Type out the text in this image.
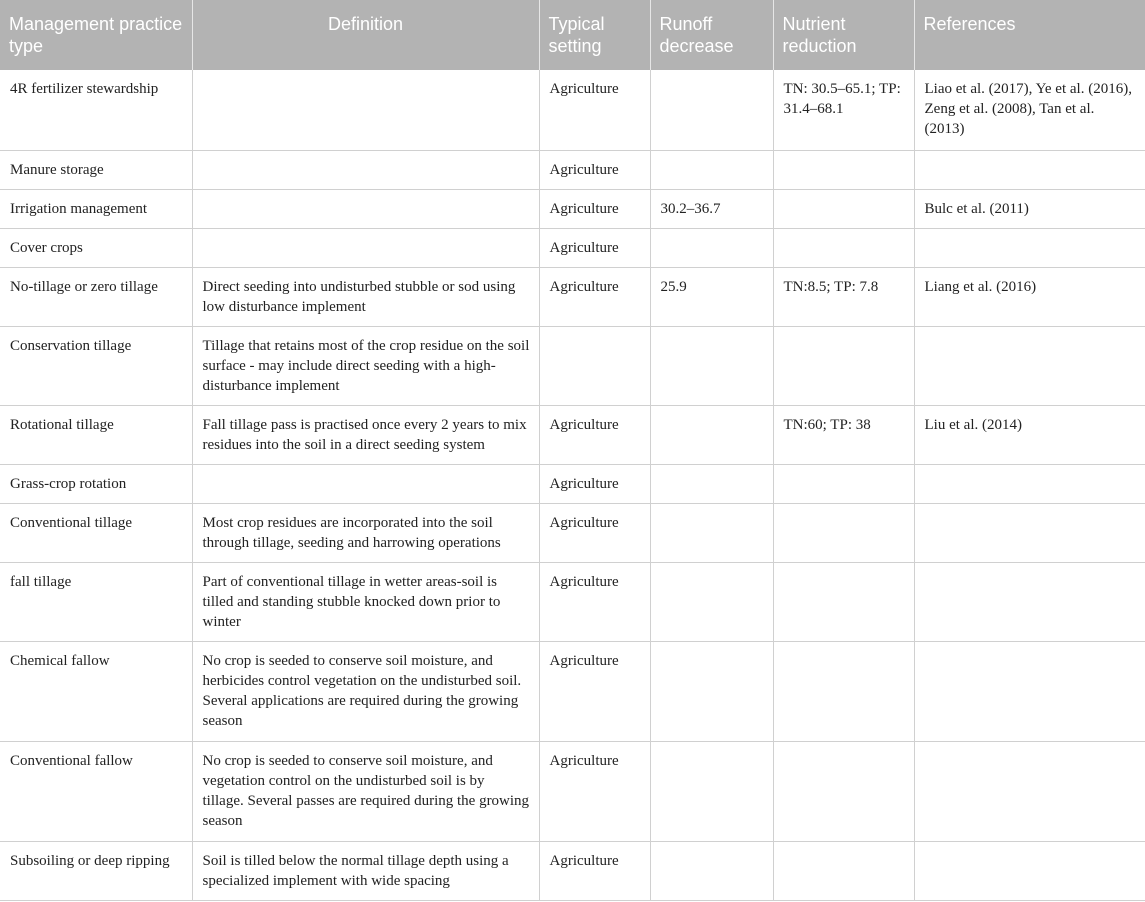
Management practice type	Definition	Typical setting	Runoff decrease	Nutrient reduction	References
4R fertilizer stewardship		Agriculture		TN: 30.5–65.1; TP: 31.4–68.1	Liao et al. (2017), Ye et al. (2016), Zeng et al. (2008), Tan et al. (2013)
Manure storage		Agriculture			
Irrigation management		Agriculture	30.2–36.7		Bulc et al. (2011)
Cover crops		Agriculture			
No-tillage or zero tillage	Direct seeding into undisturbed stubble or sod using low disturbance implement	Agriculture	25.9	TN:8.5; TP: 7.8	Liang et al. (2016)
Conservation tillage	Tillage that retains most of the crop residue on the soil surface - may include direct seeding with a high-disturbance implement				
Rotational tillage	Fall tillage pass is practised once every 2 years to mix residues into the soil in a direct seeding system	Agriculture		TN:60; TP: 38	Liu et al. (2014)
Grass-crop rotation		Agriculture			
Conventional tillage	Most crop residues are incorporated into the soil through tillage, seeding and harrowing operations	Agriculture			
fall tillage	Part of conventional tillage in wetter areas-soil is tilled and standing stubble knocked down prior to winter	Agriculture			
Chemical fallow	No crop is seeded to conserve soil moisture, and herbicides control vegetation on the undisturbed soil. Several applications are required during the growing season	Agriculture			
Conventional fallow	No crop is seeded to conserve soil moisture, and vegetation control on the undisturbed soil is by tillage. Several passes are required during the growing season	Agriculture			
Subsoiling or deep ripping	Soil is tilled below the normal tillage depth using a specialized implement with wide spacing	Agriculture			
